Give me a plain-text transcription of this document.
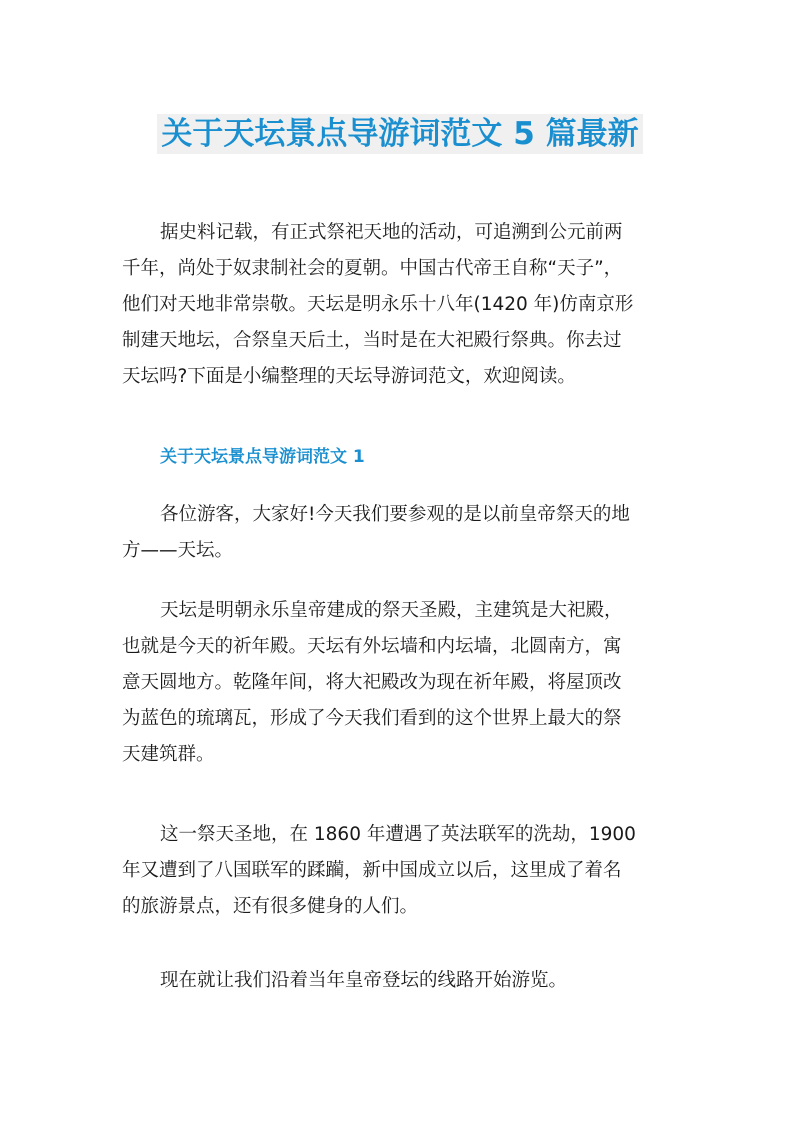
关于天坛景点导游词范文 5 篇最新
据史料记载，有正式祭祀天地的活动，可追溯到公元前两
千年，尚处于奴隶制社会的夏朝。中国古代帝王自称“天子”，
他们对天地非常崇敬。天坛是明永乐十八年(1420 年)仿南京形
制建天地坛，合祭皇天后土，当时是在大祀殿行祭典。你去过
天坛吗?下面是小编整理的天坛导游词范文，欢迎阅读。
关于天坛景点导游词范文 1
各位游客，大家好!今天我们要参观的是以前皇帝祭天的地
方——天坛。
天坛是明朝永乐皇帝建成的祭天圣殿，主建筑是大祀殿，
也就是今天的祈年殿。天坛有外坛墙和内坛墙，北圆南方，寓
意天圆地方。乾隆年间，将大祀殿改为现在祈年殿，将屋顶改
为蓝色的琉璃瓦，形成了今天我们看到的这个世界上最大的祭
天建筑群。
这一祭天圣地，在 1860 年遭遇了英法联军的洗劫，1900
年又遭到了八国联军的蹂躏，新中国成立以后，这里成了着名
的旅游景点，还有很多健身的人们。
现在就让我们沿着当年皇帝登坛的线路开始游览。
